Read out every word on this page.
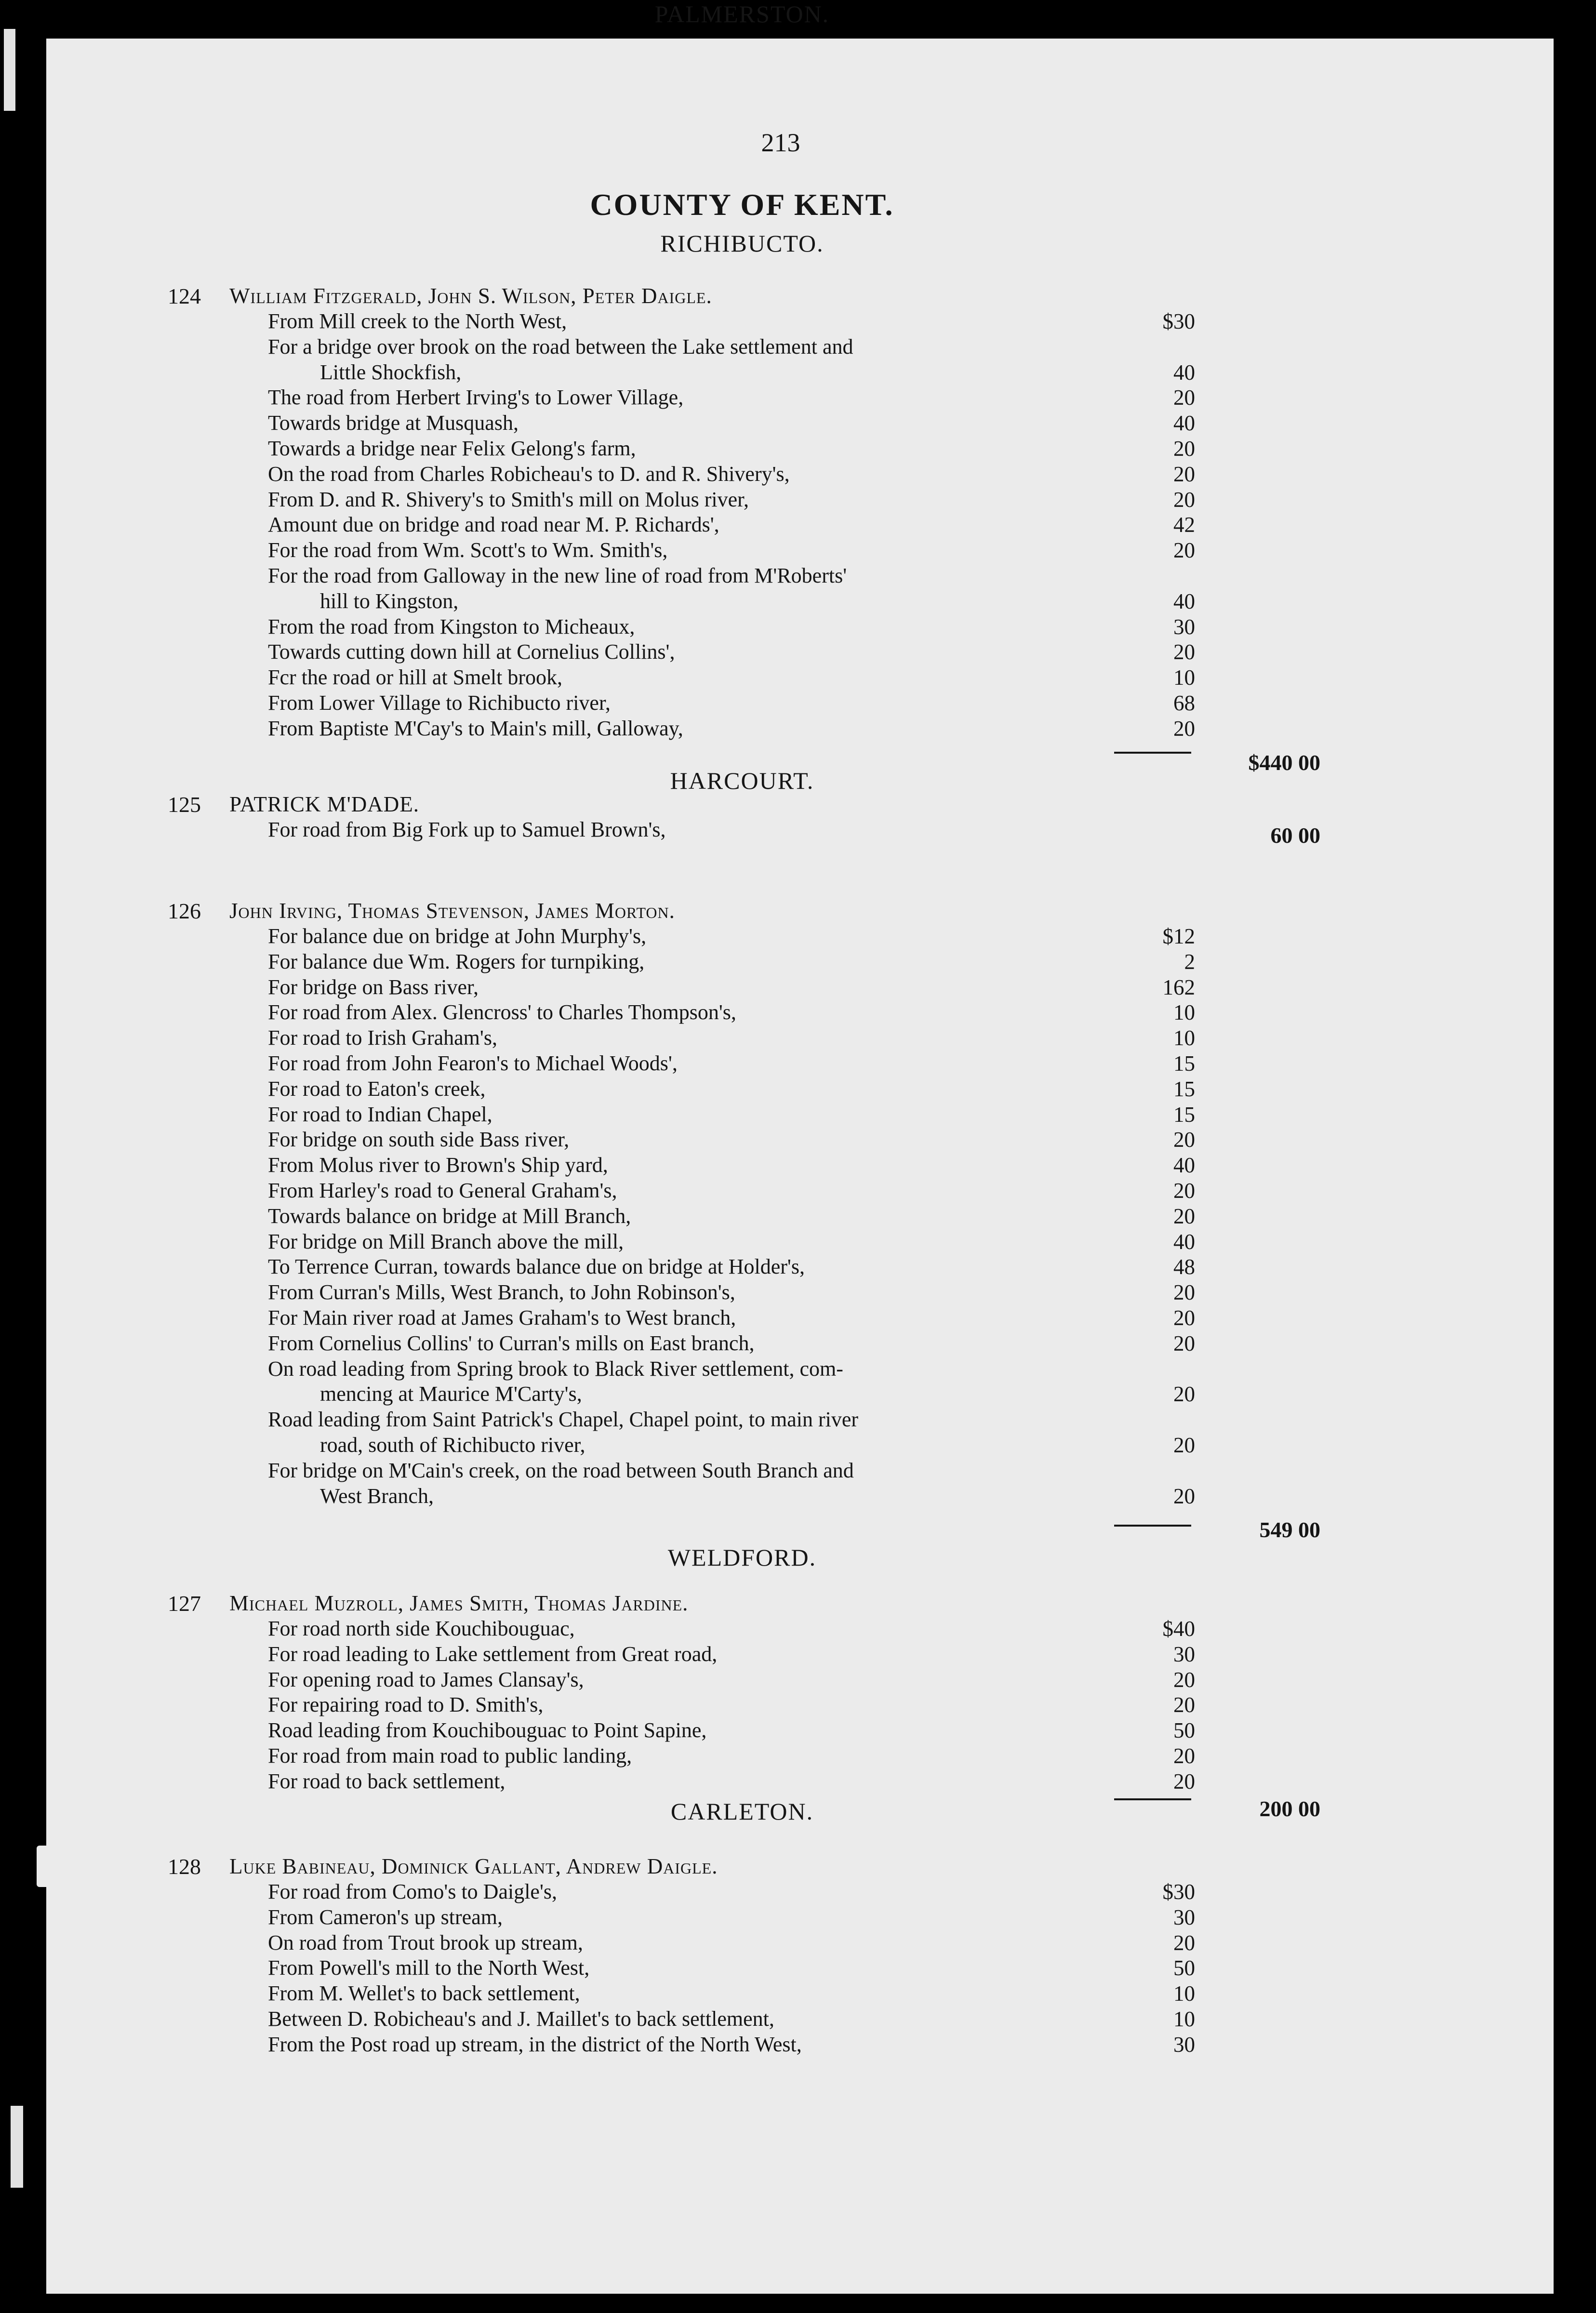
213
COUNTY OF KENT.
RICHIBUCTO.
124	William Fitzgerald, John S. Wilson, Peter Daigle.
From Mill creek to the North West,	$30
For a bridge over brook on the road between the Lake settlement and
Little Shockfish,	40
The road from Herbert Irving's to Lower Village,	20
Towards bridge at Musquash,	40
Towards a bridge near Felix Gelong's farm,	20
On the road from Charles Robicheau's to D. and R. Shivery's,	20
From D. and R. Shivery's to Smith's mill on Molus river,	20
Amount due on bridge and road near M. P. Richards',	42
For the road from Wm. Scott's to Wm. Smith's,	20
For the road from Galloway in the new line of road from M'Roberts'
hill to Kingston,	40
From the road from Kingston to Micheaux,	30
Towards cutting down hill at Cornelius Collins',	20
Fcr the road or hill at Smelt brook,	10
From Lower Village to Richibucto river,	68
From Baptiste M'Cay's to Main's mill, Galloway,	20
$440 00
HARCOURT.
125	PATRICK M'DADE.
For road from Big Fork up to Samuel Brown's,	60 00
WELDFORD.
126	John Irving, Thomas Stevenson, James Morton.
For balance due on bridge at John Murphy's,	$12
For balance due Wm. Rogers for turnpiking,	2
For bridge on Bass river,	162
For road from Alex. Glencross' to Charles Thompson's,	10
For road to Irish Graham's,	10
For road from John Fearon's to Michael Woods',	15
For road to Eaton's creek,	15
For road to Indian Chapel,	15
For bridge on south side Bass river,	20
From Molus river to Brown's Ship yard,	40
From Harley's road to General Graham's,	20
Towards balance on bridge at Mill Branch,	20
For bridge on Mill Branch above the mill,	40
To Terrence Curran, towards balance due on bridge at Holder's,	48
From Curran's Mills, West Branch, to John Robinson's,	20
For Main river road at James Graham's to West branch,	20
From Cornelius Collins' to Curran's mills on East branch,	20
On road leading from Spring brook to Black River settlement, com-
mencing at Maurice M'Carty's,	20
Road leading from Saint Patrick's Chapel, Chapel point, to main river
road, south of Richibucto river,	20
For bridge on M'Cain's creek, on the road between South Branch and
West Branch,	20
549 00
CARLETON.
127	Michael Muzroll, James Smith, Thomas Jardine.
For road north side Kouchibouguac,	$40
For road leading to Lake settlement from Great road,	30
For opening road to James Clansay's,	20
For repairing road to D. Smith's,	20
Road leading from Kouchibouguac to Point Sapine,	50
For road from main road to public landing,	20
For road to back settlement,	20
200 00
PALMERSTON.
128	Luke Babineau, Dominick Gallant, Andrew Daigle.
For road from Como's to Daigle's,	$30
From Cameron's up stream,	30
On road from Trout brook up stream,	20
From Powell's mill to the North West,	50
From M. Wellet's to back settlement,	10
Between D. Robicheau's and J. Maillet's to back settlement,	10
From the Post road up stream, in the district of the North West,	30
